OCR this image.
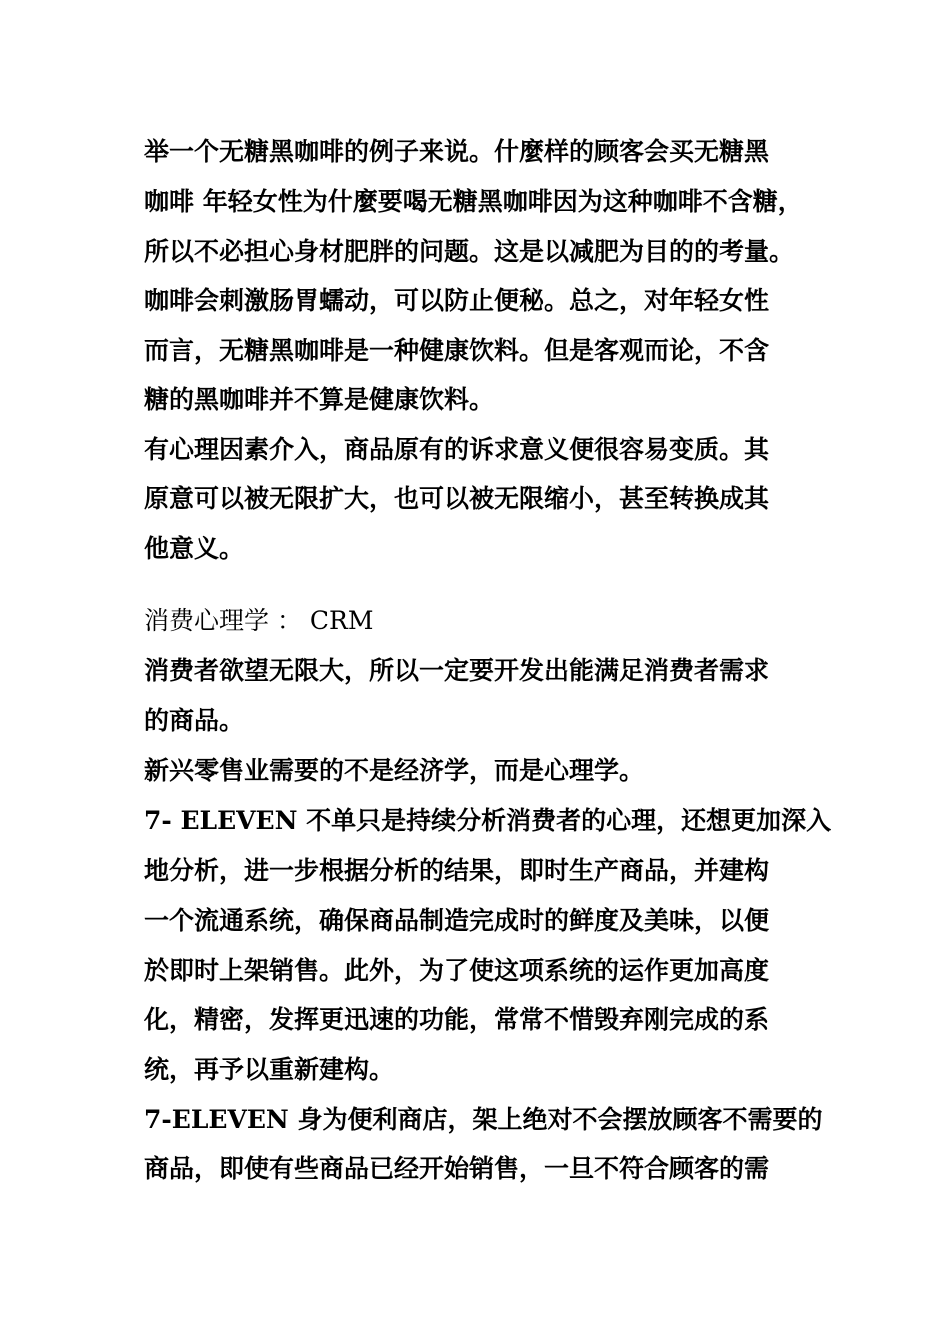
举一个无糖黑咖啡的例子来说。什麼样的顾客会买无糖黑
咖啡 年轻女性为什麼要喝无糖黑咖啡因为这种咖啡不含糖，
所以不必担心身材肥胖的问题。这是以减肥为目的的考量。
咖啡会刺激肠胃蠕动，可以防止便秘。总之，对年轻女性
而言，无糖黑咖啡是一种健康饮料。但是客观而论，不含
糖的黑咖啡并不算是健康饮料。
有心理因素介入，商品原有的诉求意义便很容易变质。其
原意可以被无限扩大，也可以被无限缩小，甚至转换成其
他意义。
消费心理学 ： CRM
消费者欲望无限大，所以一定要开发出能满足消费者需求
的商品。
新兴零售业需要的不是经济学，而是心理学。
7- ELEVEN 不单只是持续分析消费者的心理，还想更加深入
地分析，进一步根据分析的结果，即时生产商品，并建构
一个流通系统，确保商品制造完成时的鲜度及美味，以便
於即时上架销售。此外，为了使这项系统的运作更加高度
化，精密，发挥更迅速的功能，常常不惜毁弃刚完成的系
统，再予以重新建构。
7-ELEVEN 身为便利商店，架上绝对不会摆放顾客不需要的
商品，即使有些商品已经开始销售，一旦不符合顾客的需
